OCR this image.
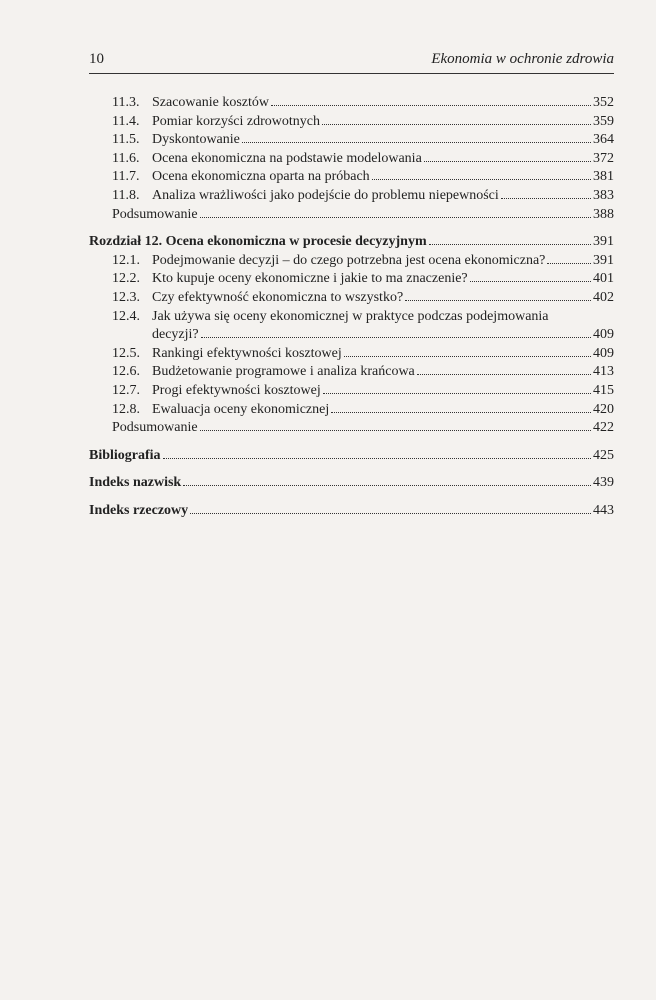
10	Ekonomia w ochronie zdrowia
11.3. Szacowanie kosztów	352
11.4. Pomiar korzyści zdrowotnych	359
11.5. Dyskontowanie	364
11.6. Ocena ekonomiczna na podstawie modelowania	372
11.7. Ocena ekonomiczna oparta na próbach	381
11.8. Analiza wrażliwości jako podejście do problemu niepewności	383
Podsumowanie	388
Rozdział 12. Ocena ekonomiczna w procesie decyzyjnym	391
12.1. Podejmowanie decyzji – do czego potrzebna jest ocena ekonomiczna?	391
12.2. Kto kupuje oceny ekonomiczne i jakie to ma znaczenie?	401
12.3. Czy efektywność ekonomiczna to wszystko?	402
12.4. Jak używa się oceny ekonomicznej w praktyce podczas podejmowania
decyzji?	409
12.5. Rankingi efektywności kosztowej	409
12.6. Budżetowanie programowe i analiza krańcowa	413
12.7. Progi efektywności kosztowej	415
12.8. Ewaluacja oceny ekonomicznej	420
Podsumowanie	422
Bibliografia	425
Indeks nazwisk	439
Indeks rzeczowy	443
